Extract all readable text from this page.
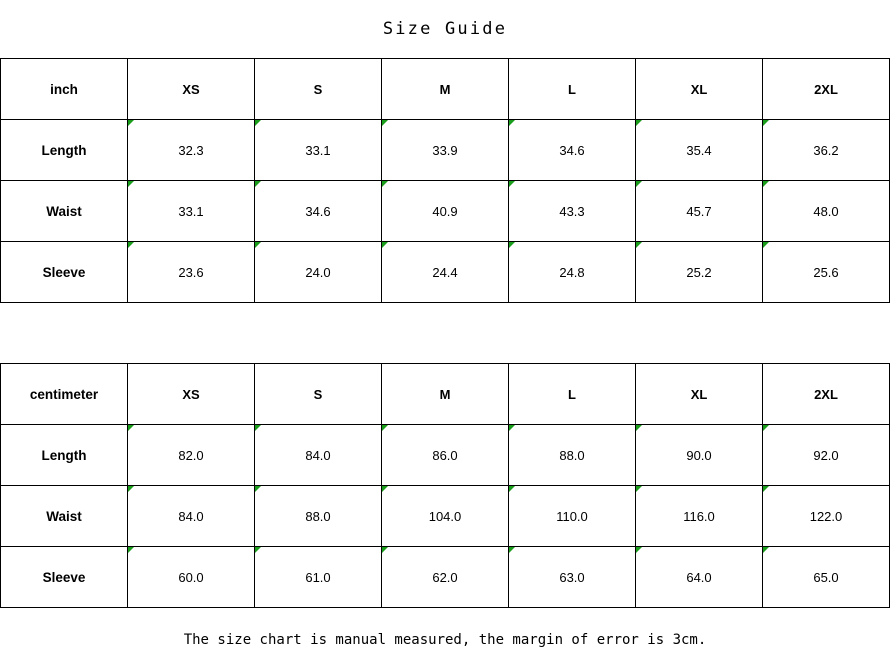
Size Guide
inch	XS	S	M	L	XL	2XL
Length	32.3	33.1	33.9	34.6	35.4	36.2
Waist	33.1	34.6	40.9	43.3	45.7	48.0
Sleeve	23.6	24.0	24.4	24.8	25.2	25.6
centimeter	XS	S	M	L	XL	2XL
Length	82.0	84.0	86.0	88.0	90.0	92.0
Waist	84.0	88.0	104.0	110.0	116.0	122.0
Sleeve	60.0	61.0	62.0	63.0	64.0	65.0
The size chart is manual measured, the margin of error is 3cm.
